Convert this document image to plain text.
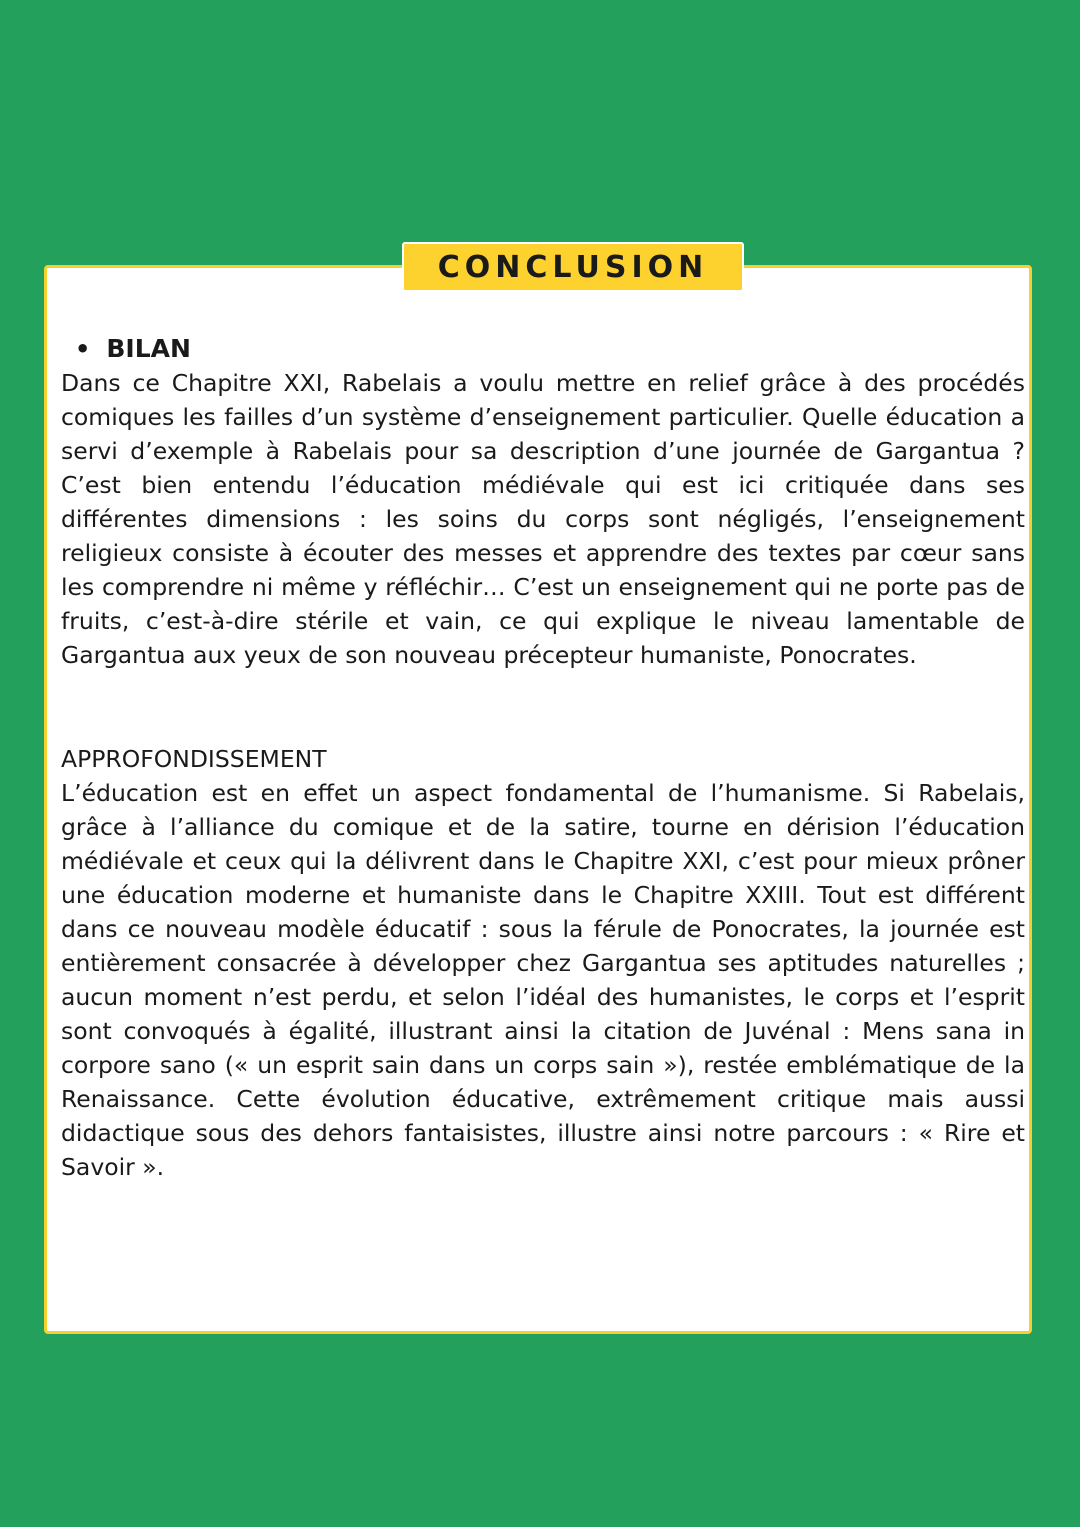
• BILAN

Dans ce Chapitre XXI, Rabelais a voulu mettre en relief grâce à des procédés comiques les failles d’un système d’enseignement particulier. Quelle éducation a servi d’exemple à Rabelais pour sa description d’une journée de Gargantua ? C’est bien entendu l’éducation médiévale qui est ici critiquée dans ses différentes dimensions : les soins du corps sont négligés, l’enseignement religieux consiste à écouter des messes et apprendre des textes par cœur sans les comprendre ni même y réfléchir… C’est un enseignement qui ne porte pas de fruits, c’est-à-dire stérile et vain, ce qui explique le niveau lamentable de Gargantua aux yeux de son nouveau précepteur humaniste, Ponocrates.

APPROFONDISSEMENT

L’éducation est en effet un aspect fondamental de l’humanisme. Si Rabelais, grâce à l’alliance du comique et de la satire, tourne en dérision l’éducation médiévale et ceux qui la délivrent dans le Chapitre XXI, c’est pour mieux prôner une éducation moderne et humaniste dans le Chapitre XXIII. Tout est différent dans ce nouveau modèle éducatif : sous la férule de Ponocrates, la journée est entièrement consacrée à développer chez Gargantua ses aptitudes naturelles ; aucun moment n’est perdu, et selon l’idéal des humanistes, le corps et l’esprit sont convoqués à égalité, illustrant ainsi la citation de Juvénal : Mens sana in corpore sano (« un esprit sain dans un corps sain »), restée emblématique de la Renaissance. Cette évolution éducative, extrêmement critique mais aussi didactique sous des dehors fantaisistes, illustre ainsi notre parcours : « Rire et Savoir ».

CONCLUSION
